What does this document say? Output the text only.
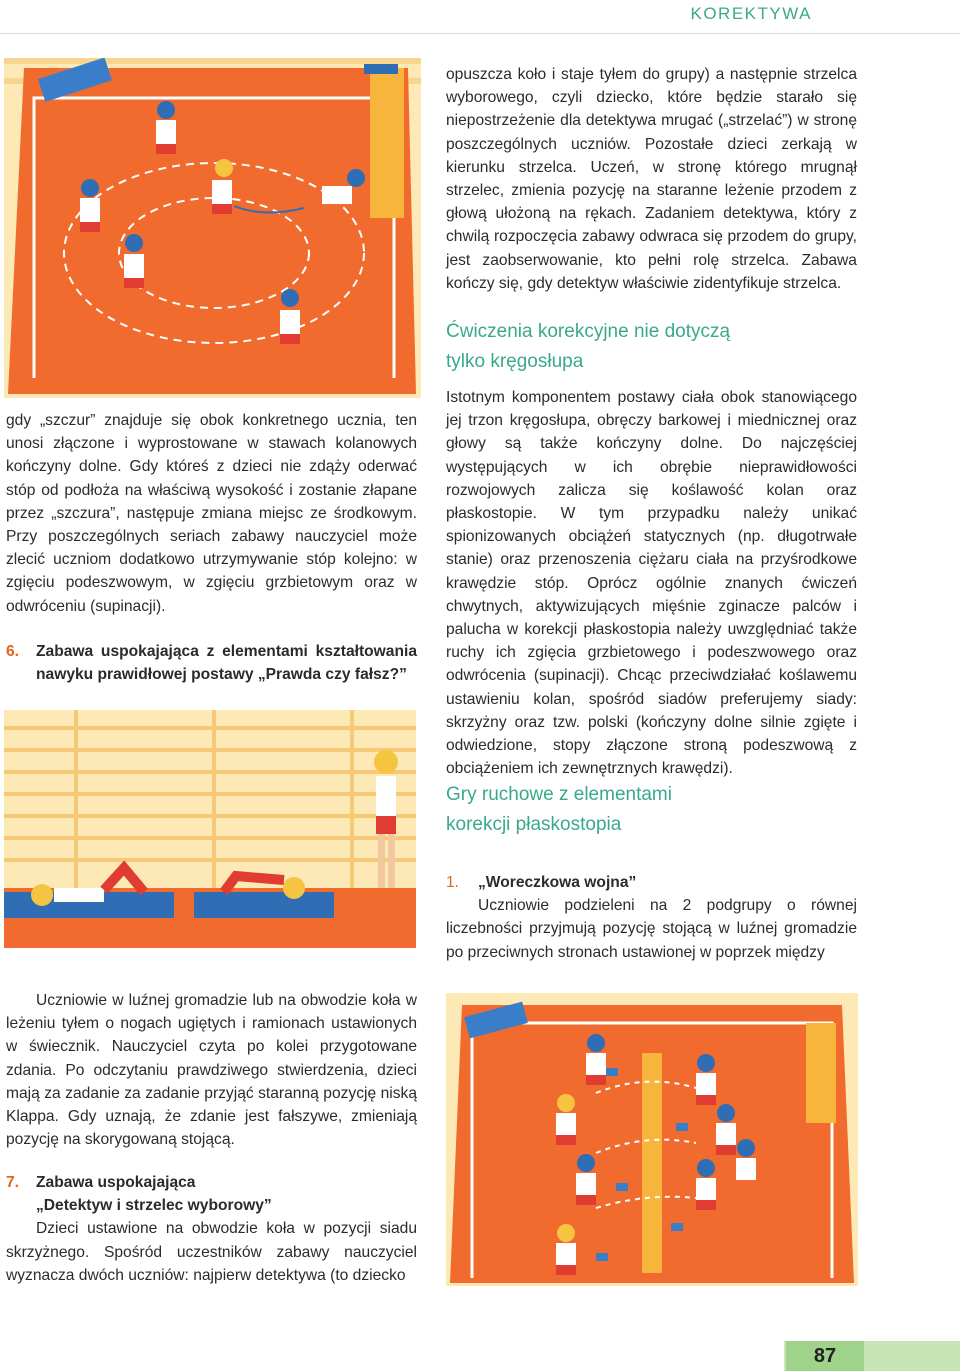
KOREKTYWA

opuszcza koło i staje tyłem do grupy) a następnie strzelca wyborowego, czyli dziecko, które będzie starało się niepostrzeżenie dla detektywa mrugać („strzelać”) w stronę poszczególnych uczniów. Pozostałe dzieci zerkają w kierunku strzelca. Uczeń, w stronę którego mrugnął strzelec, zmienia pozycję na staranne leżenie przodem z głową ułożoną na rękach. Zadaniem detektywa, który z chwilą rozpoczęcia zabawy odwraca się przodem do grupy, jest zaobserwowanie, kto pełni rolę strzelca. Zabawa kończy się, gdy detektyw właściwie zidentyfikuje strzelca.

Ćwiczenia korekcyjne nie dotyczą

tylko kręgosłupa

Istotnym komponentem postawy ciała obok stanowiącego jej trzon kręgosłupa, obręczy barkowej i miednicznej oraz głowy są także kończyny dolne. Do najczęściej występujących w ich obrębie nieprawidłowości rozwojowych zalicza się koślawość kolan oraz płaskostopie. W tym przypadku należy unikać spionizowanych obciążeń statycznych (np. długotrwałe stanie) oraz przenoszenia ciężaru ciała na przyśrodkowe krawędzie stóp. Oprócz ogólnie znanych ćwiczeń chwytnych, aktywizujących mięśnie zginacze palców i palucha w korekcji płaskostopia należy uwzględniać także ruchy ich zgięcia grzbietowego i podeszwowego oraz odwrócenia (supinacji). Chcąc przeciwdziałać koślawemu ustawieniu kolan, spośród siadów preferujemy siady: skrzyżny oraz tzw. polski (kończyny dolne silnie zgięte i odwiedzione, stopy złączone stroną podeszwową z obciążeniem ich zewnętrznych krawędzi).

Gry ruchowe z elementami

korekcji płaskostopia

1. „Woreczkowa wojna”

Uczniowie podzieleni na 2 podgrupy o równej liczebności przyjmują pozycję stojącą w luźnej gromadzie po przeciwnych stronach ustawionej w poprzek między

gdy „szczur” znajduje się obok konkretnego ucznia, ten unosi złączone i wyprostowane w stawach kolanowych kończyny dolne. Gdy któreś z dzieci nie zdąży oderwać stóp od podłoża na właściwą wysokość i zostanie złapane przez „szczura”, następuje zmiana miejsc ze środkowym. Przy poszczególnych seriach zabawy nauczyciel może zlecić uczniom dodatkowo utrzymywanie stóp kolejno: w zgięciu podeszwowym, w zgięciu grzbietowym oraz w odwróceniu (supinacji).

6. Zabawa uspokajająca z elementami kształtowania nawyku prawidłowej postawy „Prawda czy fałsz?”

Uczniowie w luźnej gromadzie lub na obwodzie koła w leżeniu tyłem o nogach ugiętych i ramionach ustawionych w świecznik. Nauczyciel czyta po kolei przygotowane zdania. Po odczytaniu prawdziwego stwierdzenia, dzieci mają za zadanie za zadanie przyjąć staranną pozycję niską Klappa. Gdy uznają, że zdanie jest fałszywe, zmieniają pozycję na skorygowaną stojącą.

7. Zabawa uspokajająca

„Detektyw i strzelec wyborowy”

Dzieci ustawione na obwodzie koła w pozycji siadu skrzyżnego. Spośród uczestników zabawy nauczyciel wyznacza dwóch uczniów: najpierw detektywa (to dziecko

87
